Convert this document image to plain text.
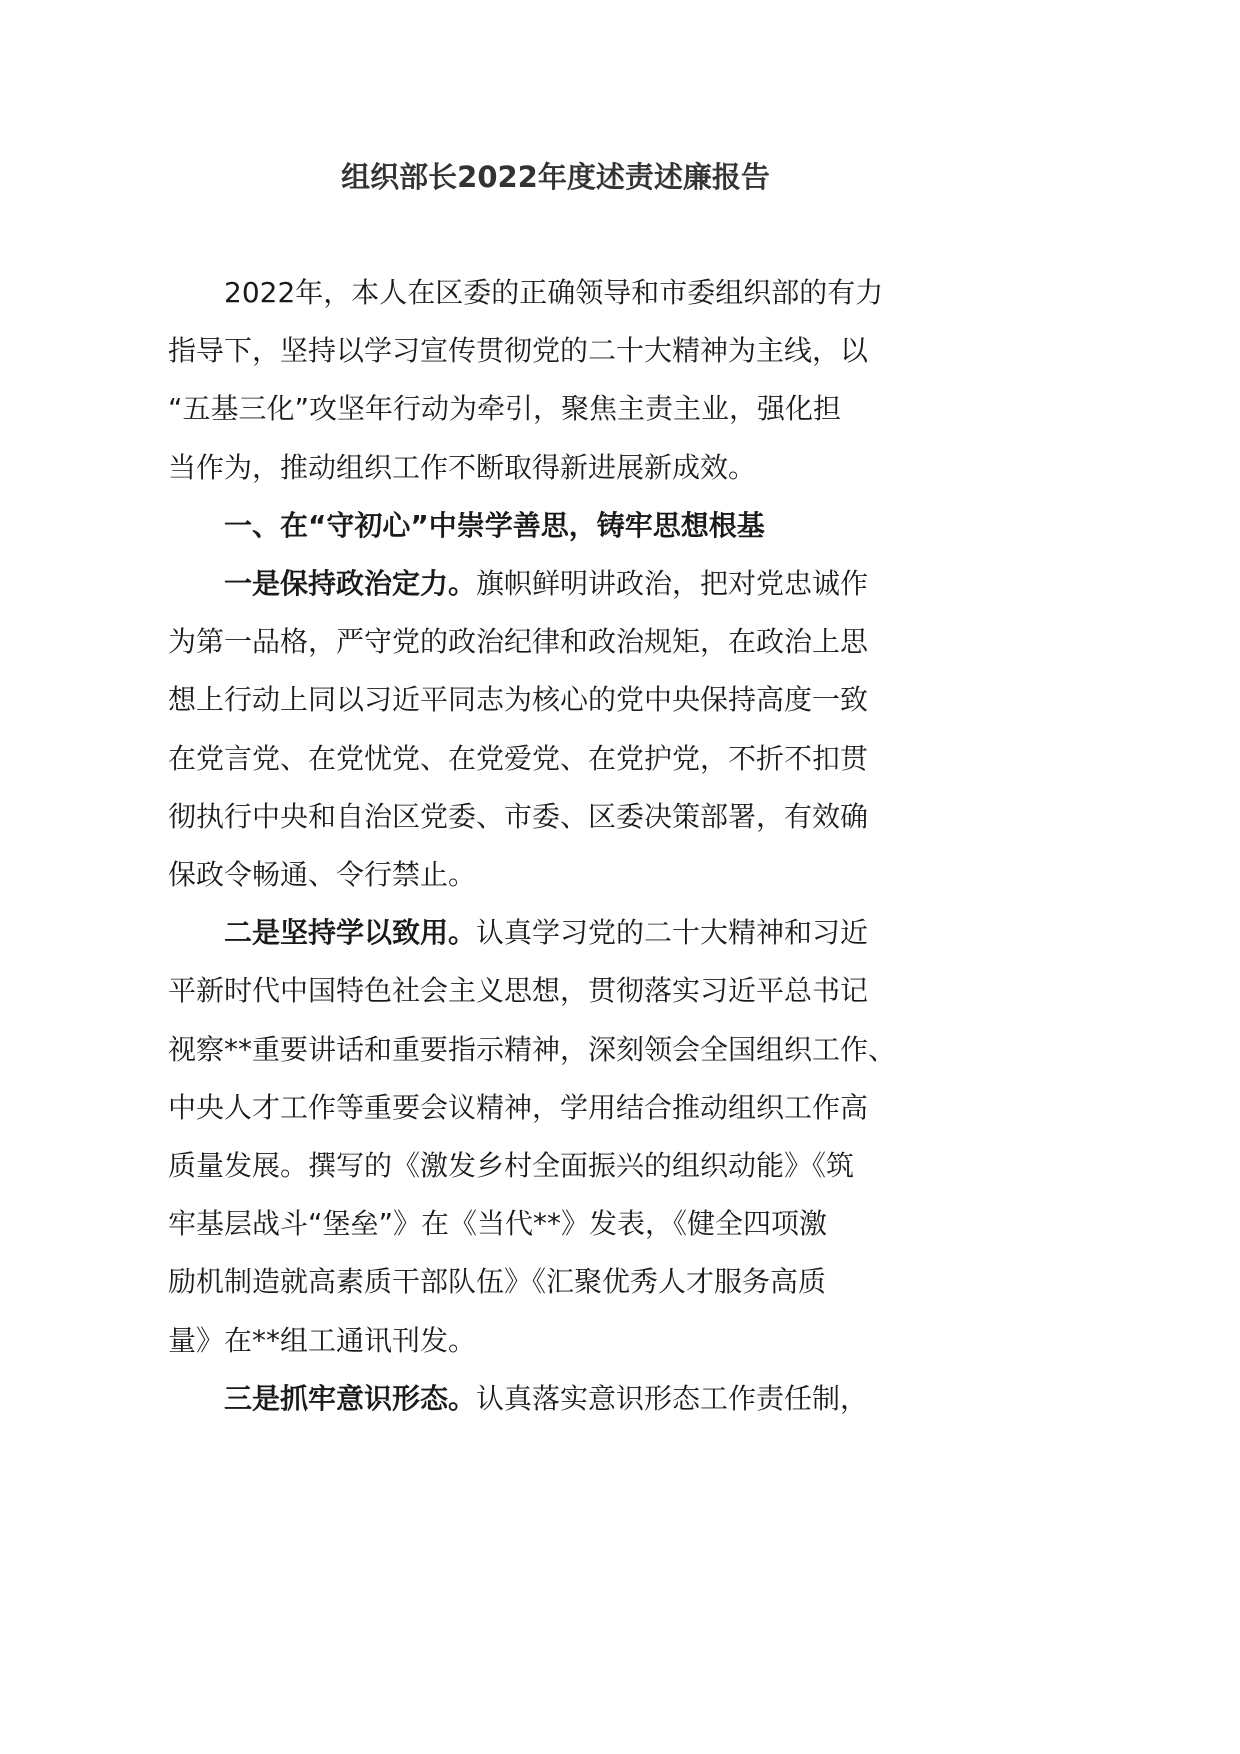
组织部长2022年度述责述廉报告
2022年，本人在区委的正确领导和市委组织部的有力
指导下，坚持以学习宣传贯彻党的二十大精神为主线，以
“五基三化”攻坚年行动为牵引，聚焦主责主业，强化担
当作为，推动组织工作不断取得新进展新成效。
一、在“守初心”中崇学善思，铸牢思想根基
一是保持政治定力。旗帜鲜明讲政治，把对党忠诚作
为第一品格，严守党的政治纪律和政治规矩，在政治上思
想上行动上同以习近平同志为核心的党中央保持高度一致
在党言党、在党忧党、在党爱党、在党护党，不折不扣贯
彻执行中央和自治区党委、市委、区委决策部署，有效确
保政令畅通、令行禁止。
二是坚持学以致用。认真学习党的二十大精神和习近
平新时代中国特色社会主义思想，贯彻落实习近平总书记
视察**重要讲话和重要指示精神，深刻领会全国组织工作、
中央人才工作等重要会议精神，学用结合推动组织工作高
质量发展。撰写的《激发乡村全面振兴的组织动能》《筑
牢基层战斗“堡垒”》在《当代**》发表，《健全四项激
励机制造就高素质干部队伍》《汇聚优秀人才服务高质
量》在**组工通讯刊发。
三是抓牢意识形态。认真落实意识形态工作责任制，
